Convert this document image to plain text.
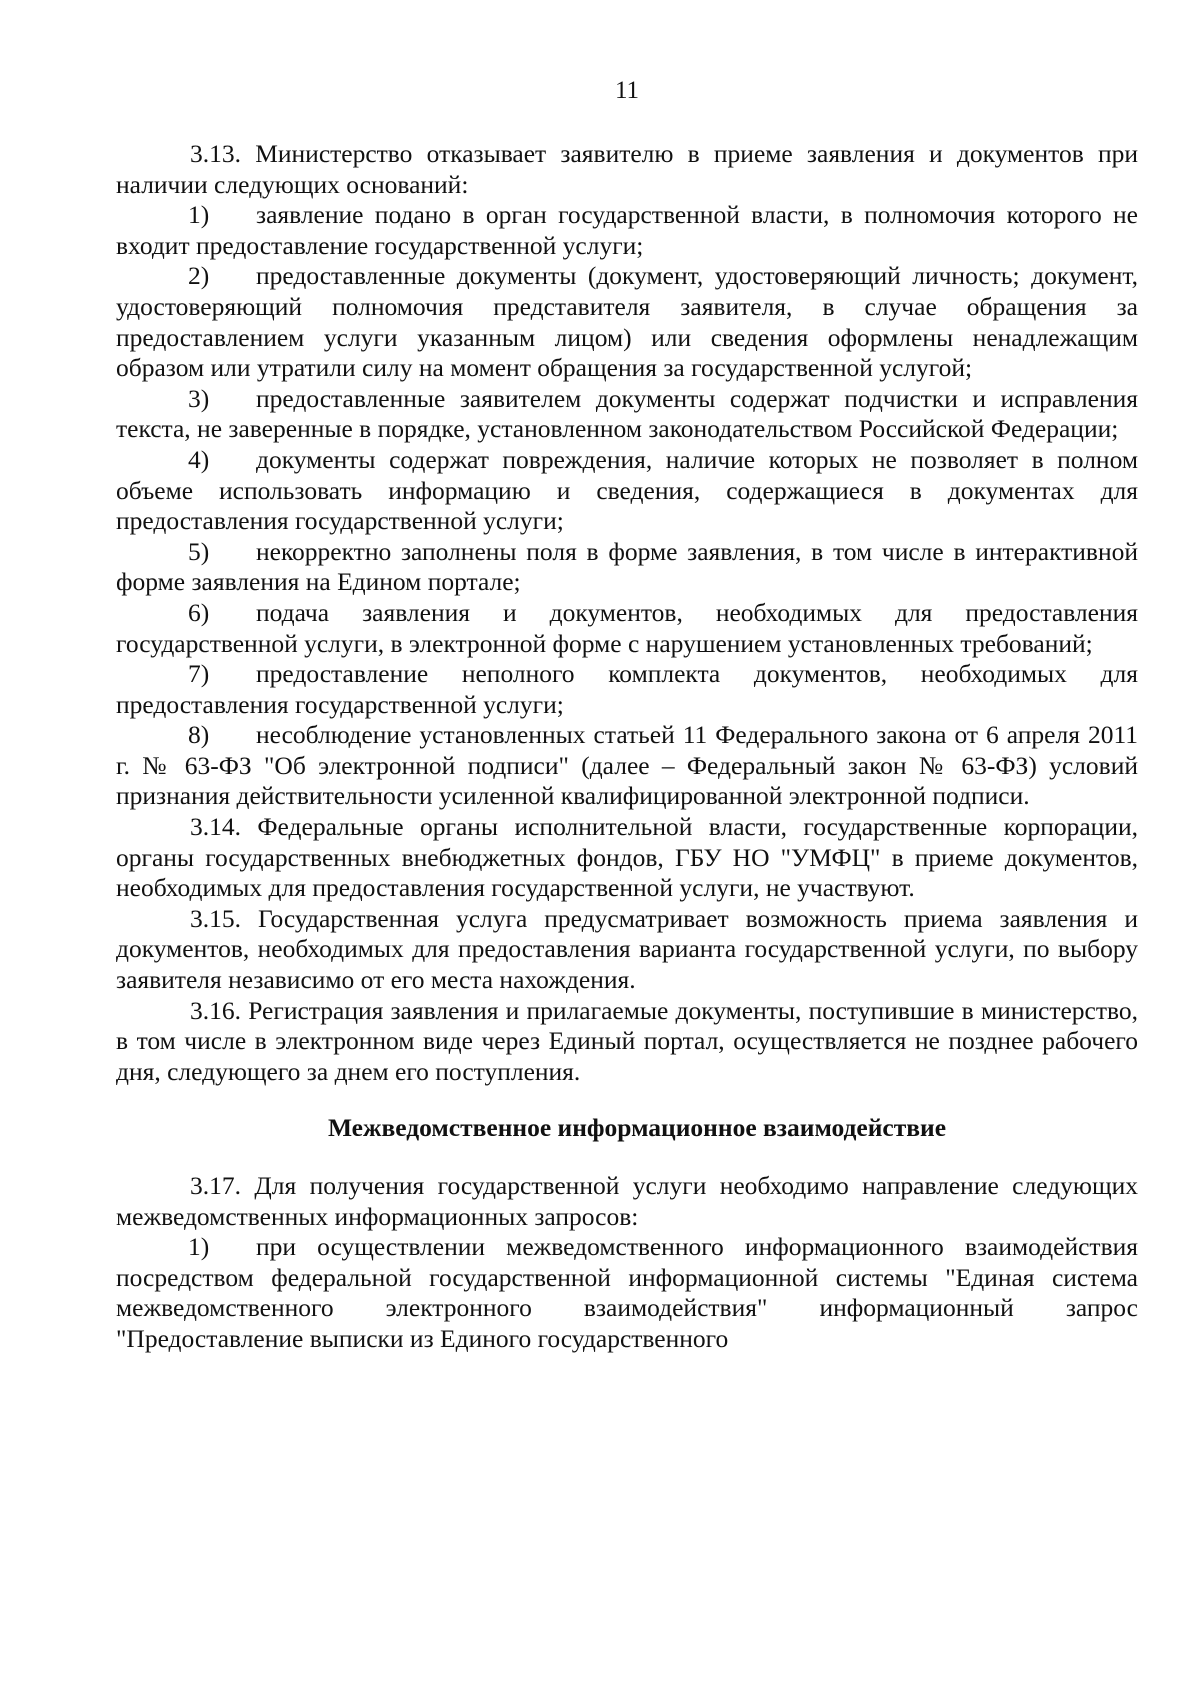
11

3.13. Министерство отказывает заявителю в приеме заявления и документов при наличии следующих оснований:

1) заявление подано в орган государственной власти, в полномочия которого не входит предоставление государственной услуги;

2) предоставленные документы (документ, удостоверяющий личность; документ, удостоверяющий полномочия представителя заявителя, в случае обращения за предоставлением услуги указанным лицом) или сведения оформлены ненадлежащим образом или утратили силу на момент обращения за государственной услугой;

3) предоставленные заявителем документы содержат подчистки и исправления текста, не заверенные в порядке, установленном законодательством Российской Федерации;

4) документы содержат повреждения, наличие которых не позволяет в полном объеме использовать информацию и сведения, содержащиеся в документах для предоставления государственной услуги;

5) некорректно заполнены поля в форме заявления, в том числе в интерактивной форме заявления на Едином портале;

6) подача заявления и документов, необходимых для предоставления государственной услуги, в электронной форме с нарушением установленных требований;

7) предоставление неполного комплекта документов, необходимых для предоставления государственной услуги;

8) несоблюдение установленных статьей 11 Федерального закона от 6 апреля 2011 г. № 63-ФЗ "Об электронной подписи" (далее – Федеральный закон № 63-ФЗ) условий признания действительности усиленной квалифицированной электронной подписи.

3.14. Федеральные органы исполнительной власти, государственные корпорации, органы государственных внебюджетных фондов, ГБУ НО "УМФЦ" в приеме документов, необходимых для предоставления государственной услуги, не участвуют.

3.15. Государственная услуга предусматривает возможность приема заявления и документов, необходимых для предоставления варианта государственной услуги, по выбору заявителя независимо от его места нахождения.

3.16. Регистрация заявления и прилагаемые документы, поступившие в министерство, в том числе в электронном виде через Единый портал, осуществляется не позднее рабочего дня, следующего за днем его поступления.

Межведомственное информационное взаимодействие

3.17. Для получения государственной услуги необходимо направление следующих межведомственных информационных запросов:

1) при осуществлении межведомственного информационного взаимодействия посредством федеральной государственной информационной системы "Единая система межведомственного электронного взаимодействия" информационный запрос "Предоставление выписки из Единого государственного
